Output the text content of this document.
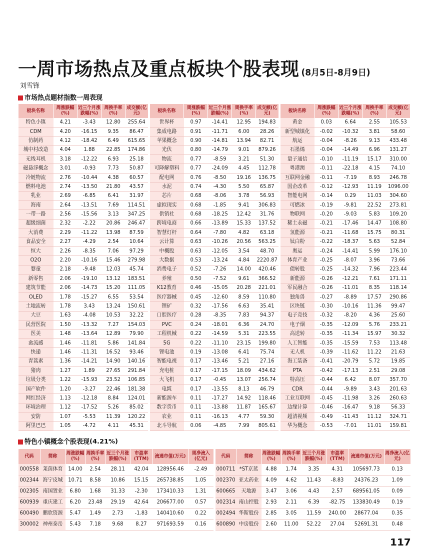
一周市场热点及重点板块个股表现 (8月5日-8月9日)
刘雪锋
市场热点题材指数一周表现
板块名称	周涨跌幅(%)	近三个月涨跌幅(%)	周换手率(%)	成交额(亿元)	板块名称	周涨跌幅(%)	近三个月涨跌幅(%)	周换手率(%)	成交额(亿元)	板块名称	周涨跌幅(%)	近三个月涨跌幅(%)	周换手率(%)	成交额(亿元)
特色小镇	4.21	-3.43	12.80	255.64	世界杯	0.97	-14.41	12.95	194.83	黄金	0.03	6.64	2.55	105.53
CDM	4.20	-16.15	9.35	86.47	集成电路	0.91	-11.71	6.00	28.26	新型城镇化	-0.02	-10.32	3.81	58.60
仿制药	4.12	-18.42	6.49	615.65	苹果概念	0.90	-14.81	13.94	82.71	航运	-0.04	-8.26	9.13	433.48
城中村改造	4.04	1.88	22.85	174.86	光伏	0.80	-14.79	9.01	879.26	石墨烯	-0.04	-14.49	6.96	131.27
无线耳机	3.18	-12.22	6.93	25.18	物流	0.77	-8.59	3.21	51.30	量子通信	-0.10	-11.19	15.17	310.00
磁悬浮概念	3.01	-0.93	7.73	50.87	可降解塑料	0.77	-24.09	4.45	112.78	粤港澳	-0.11	-22.18	4.15	74.10
冷链物流	2.76	-10.44	4.38	60.57	配电网	0.76	-8.50	19.16	136.75	互联网金融	-0.11	-7.19	8.93	246.78
燃料电池	2.74	-13.50	21.80	43.57	水泥	0.74	-4.30	5.50	65.87	国企改革	-0.12	-12.93	11.19	1096.00
乳业	2.69	-6.85	6.41	31.97	芯片	0.68	-8.06	3.78	56.93	智能电网	-0.14	0.29	11.03	304.60
海南	2.64	-13.51	7.69	114.51	虚拟现实	0.68	-1.85	9.41	306.83	可燃冰	-0.19	-9.81	22.52	273.81
一带一路	2.56	-15.56	3.13	347.25	供销社	0.68	-18.25	12.42	31.76	物联网	-0.20	-9.03	5.83	109.20
超级细菌	2.32	-2.22	20.86	246.47	跨境电商	0.66	-13.89	15.33	137.52	稀土永磁	-0.21	-17.46	14.47	108.80
大消费	2.29	-11.22	13.98	87.59	智慧灯杆	0.64	-7.80	4.82	63.18	氢能源	-0.21	-11.68	15.75	80.31
食品安全	2.27	-4.29	2.54	10.64	云计算	0.63	-10.26	20.56	563.25	钛白粉	-0.22	-18.37	5.63	52.84
恒大	2.26	-8.35	7.06	97.29	中概股	0.63	-12.05	3.54	48.70	奥运	-0.24	-14.41	5.99	176.10
O2O	2.20	-10.16	15.46	279.98	大数据	0.53	-13.24	4.84	2220.87	体育产业	-0.25	-8.07	3.96	73.66
婴童	2.18	-9.48	12.03	45.74	消费电子	0.52	-7.26	14.00	420.46	债转股	-0.25	-14.32	7.96	223.44
新零售	2.06	-19.10	13.12	183.51	养殖	0.50	-7.52	9.61	366.52	新能源	-0.26	-12.21	7.61	171.11
建筑节能	2.06	-14.73	15.20	111.05	K12教育	0.46	-15.05	20.28	221.01	军民融合	-0.26	-11.01	8.35	118.14
OLED	1.78	-15.27	6.55	53.54	医疗器械	0.45	-12.60	8.59	110.80	独角兽	-0.27	-8.89	17.57	290.86
土地流转	1.78	3.43	13.24	150.61	锂矿	0.32	-17.56	6.63	35.41	区块链	-0.30	-10.16	11.36	99.47
大豆	1.63	-4.08	10.53	32.22	口腔医疗	0.28	-8.35	7.83	94.37	电子竞技	-0.32	-8.20	4.36	25.60
民营医院	1.50	-13.32	7.27	154.03	PVC	0.24	-18.01	6.36	24.70	电子烟	-0.35	-12.09	5.76	233.21
医美	1.48	-13.64	12.89	79.90	工程机械	0.22	-14.59	5.31	223.55	高送转	-0.35	-11.34	15.97	30.32
禽流感	1.46	-11.81	5.86	141.84	5G	0.22	-11.10	23.15	199.80	人工智能	-0.35	-15.59	7.53	113.48
快递	1.46	-11.31	16.52	93.46	锂电池	0.19	-13.08	6.41	75.74	无人机	-0.39	-11.62	11.22	21.63
青蒿素	1.36	-14.21	14.90	140.16	智能电视	0.17	-13.46	5.21	27.16	海工装备	-0.41	-20.79	5.72	19.85
猪肉	1.27	1.89	27.65	291.84	充电桩	0.17	-17.15	18.09	434.62	PTA	-0.42	-17.13	2.51	29.08
垃圾分类	1.22	-15.93	23.52	106.85	大飞机	0.17	-0.45	13.07	256.74	特高压	-0.44	6.42	8.07	357.70
国产软件	1.20	-3.27	22.46	181.38	电缆	0.17	-13.55	8.13	46.79	CDR	-0.44	-9.89	3.43	201.63
网红经济	1.13	-12.18	8.84	124.01	新能源车	0.11	-17.27	14.92	118.46	工业互联网	-0.45	-11.98	3.26	260.63
环境治理	1.12	-17.52	5.26	85.02	数字货币	0.11	-13.88	11.87	165.67	边缘计算	-0.46	-16.47	9.18	56.33
安防	1.07	-5.53	11.39	120.22	农业	0.11	-16.13	4.77	59.30	超清视频	-0.49	-11.43	11.12	324.71
阿里巴巴	1.05	-4.72	4.11	45.31	北斗导航	0.06	-4.85	7.99	805.61	华为概念	-0.53	-7.01	11.01	159.81
特色小镇概念个股表现(4.21%)
代码	简称	周涨跌幅(%)	周换手率(%)	近三个月涨跌幅(%)	市盈率(TTM)	流通市值(万元)	周净流入(亿元)	代码	简称	周涨跌幅(%)	周换手率(%)	近三个月涨跌幅(%)	市盈率(TTM)	流通市值(万元)	周净流入(亿元)
000558	莱茵体育	14.00	2.54	28.11	42.04	128956.46	-2.49	000711	*ST京蓝	4.88	1.74	3.35	4.31	105697.73	0.13
002344	海宁皮城	10.71	8.58	10.86	15.15	265738.85	1.05	002370	亚太药业	4.09	4.62	11.43	-8.83	24376.23	1.09
002305	南国置业	6.80	1.68	31.33	-2.30	173410.33	1.31	600665	天地源	3.47	3.06	4.43	2.57	689561.05	0.09
600939	重庆建工	6.20	23.48	29.19	42.64	206677.00	0.57	002314	南山控股	2.93	2.11	6.39	-82.75	133830.49	0.19
600490	鹏欣资源	5.47	1.49	2.73	-1.83	140410.60	0.22	002494	华斯股份	2.85	3.05	11.59	240.00	28677.04	0.35
300002	神州泰岳	5.43	7.18	9.68	8.27	971693.59	0.16	600890	中房股份	2.60	11.00	52.22	27.04	52691.31	0.48
117
